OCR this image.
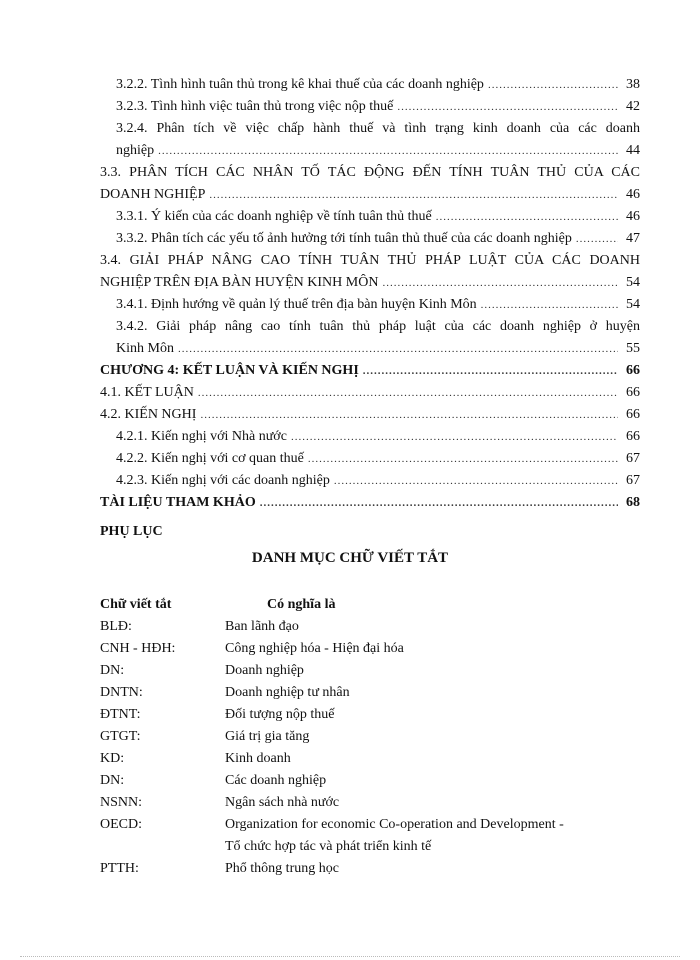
3.2.2. Tình hình tuân thủ trong kê khai thuế của các doanh nghiệp .....	38
3.2.3. Tình hình việc tuân thủ trong việc nộp thuế .....	42
3.2.4. Phân tích về việc chấp hành thuế và tình trạng kinh doanh của các doanh
nghiệp .....	44
3.3. PHÂN TÍCH CÁC NHÂN TỐ TÁC ĐỘNG ĐẾN TÍNH TUÂN THỦ CỦA CÁC
DOANH NGHIỆP .....	46
3.3.1. Ý kiến của các doanh nghiệp về tính tuân thủ thuế .....	46
3.3.2. Phân tích các yếu tố ảnh hưởng tới tính tuân thủ thuế của các doanh nghiệp .....	47
3.4. GIẢI PHÁP NÂNG CAO TÍNH TUÂN THỦ PHÁP LUẬT CỦA CÁC DOANH
NGHIỆP TRÊN ĐỊA BÀN HUYỆN KINH MÔN .....	54
3.4.1. Định hướng về quản lý thuế trên địa bàn huyện Kinh Môn .....	54
3.4.2. Giải pháp nâng cao tính tuân thủ pháp luật của các doanh nghiệp ở huyện
Kinh Môn .....	55
CHƯƠNG 4: KẾT LUẬN VÀ KIẾN NGHỊ .....	66
4.1. KẾT LUẬN .....	66
4.2. KIẾN NGHỊ .....	66
4.2.1. Kiến nghị với Nhà nước .....	66
4.2.2. Kiến nghị với cơ quan thuế .....	67
4.2.3. Kiến nghị với các doanh nghiệp .....	67
TÀI LIỆU THAM KHẢO .....	68
PHỤ LỤC
DANH MỤC CHỮ VIẾT TẮT
Chữ viết tắt	Có nghĩa là
BLĐ:	Ban lãnh đạo
CNH - HĐH:	Công nghiệp hóa - Hiện đại hóa
DN:	Doanh nghiệp
DNTN:	Doanh nghiệp tư nhân
ĐTNT:	Đối tượng nộp thuế
GTGT:	Giá trị gia tăng
KD:	Kinh doanh
DN:	Các doanh nghiệp
NSNN:	Ngân sách nhà nước
OECD:	Organization for economic Co-operation and Development -
Tổ chức hợp tác và phát triển kinh tế
PTTH:	Phổ thông trung học
